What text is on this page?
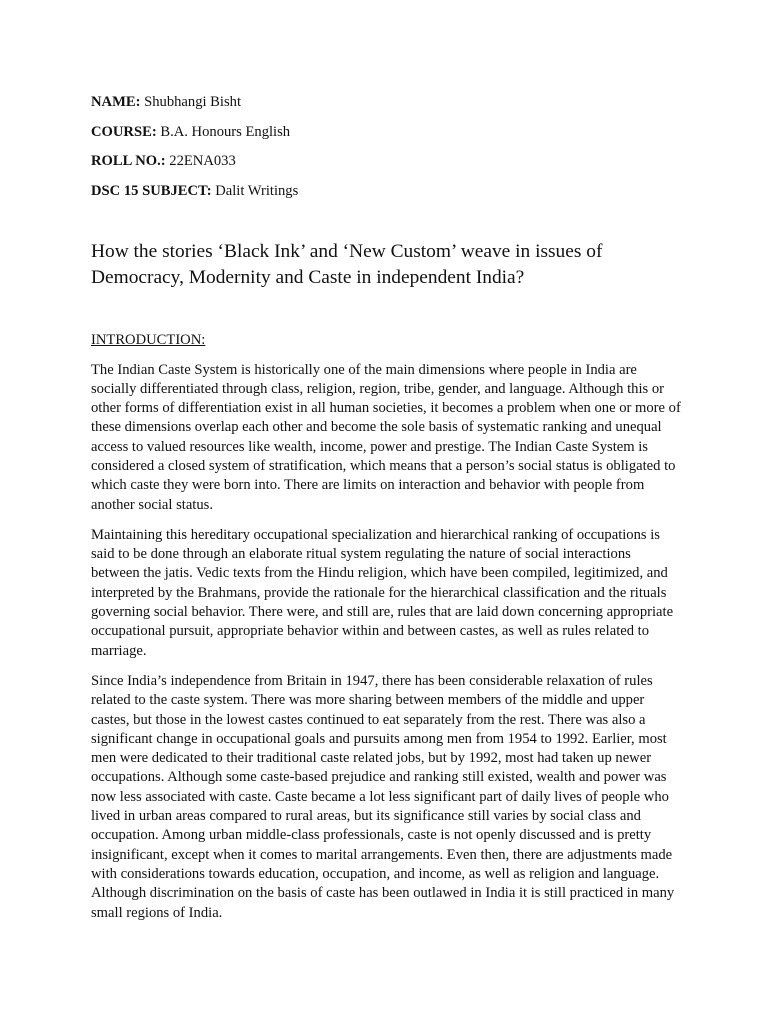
NAME: Shubhangi Bisht
COURSE: B.A. Honours English
ROLL NO.: 22ENA033
DSC 15 SUBJECT: Dalit Writings
How the stories ‘Black Ink’ and ‘New Custom’ weave in issues of Democracy, Modernity and Caste in independent India?
INTRODUCTION:

The Indian Caste System is historically one of the main dimensions where people in India are socially differentiated through class, religion, region, tribe, gender, and language. Although this or other forms of differentiation exist in all human societies, it becomes a problem when one or more of these dimensions overlap each other and become the sole basis of systematic ranking and unequal access to valued resources like wealth, income, power and prestige. The Indian Caste System is considered a closed system of stratification, which means that a person’s social status is obligated to which caste they were born into. There are limits on interaction and behavior with people from another social status.

Maintaining this hereditary occupational specialization and hierarchical ranking of occupations is said to be done through an elaborate ritual system regulating the nature of social interactions between the jatis. Vedic texts from the Hindu religion, which have been compiled, legitimized, and interpreted by the Brahmans, provide the rationale for the hierarchical classification and the rituals governing social behavior. There were, and still are, rules that are laid down concerning appropriate occupational pursuit, appropriate behavior within and between castes, as well as rules related to marriage.

Since India’s independence from Britain in 1947, there has been considerable relaxation of rules related to the caste system. There was more sharing between members of the middle and upper castes, but those in the lowest castes continued to eat separately from the rest. There was also a significant change in occupational goals and pursuits among men from 1954 to 1992. Earlier, most men were dedicated to their traditional caste related jobs, but by 1992, most had taken up newer occupations. Although some caste-based prejudice and ranking still existed, wealth and power was now less associated with caste. Caste became a lot less significant part of daily lives of people who lived in urban areas compared to rural areas, but its significance still varies by social class and occupation. Among urban middle-class professionals, caste is not openly discussed and is pretty insignificant, except when it comes to marital arrangements. Even then, there are adjustments made with considerations towards education, occupation, and income, as well as religion and language. Although discrimination on the basis of caste has been outlawed in India it is still practiced in many small regions of India.
